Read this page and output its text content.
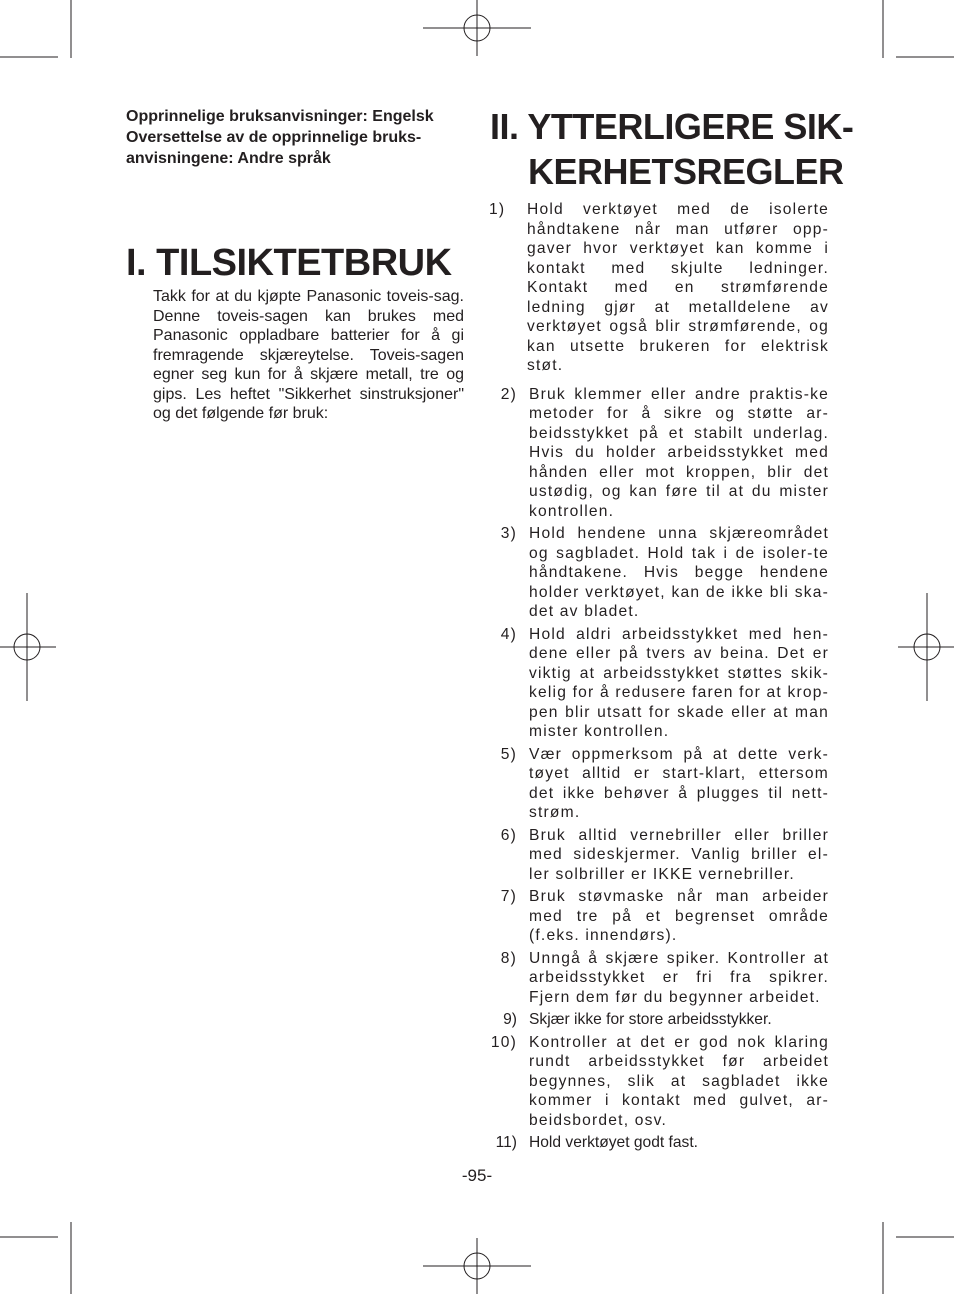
Opprinnelige bruksanvisninger: Engelsk
Oversettelse av de opprinnelige bruks-
anvisningene: Andre språk
I. TILSIKTETBRUK

Takk for at du kjøpte Panasonic toveis-sag. Denne toveis-sagen kan brukes med Panasonic oppladbare batterier for å gi fremragende skjæreytelse. Toveis-sagen egner seg kun for å skjære metall, tre og gips. Les heftet "Sikkerhet sinstruksjoner" og det følgende før bruk:

II. YTTERLIGERE SIK-
KERHETSREGLER
1)	Hold verktøyet med de isolerte håndtakene når man utfører opp-gaver hvor verktøyet kan komme i kontakt med skjulte ledninger. Kontakt med en strømførende ledning gjør at metalldelene av verktøyet også blir strømførende, og kan utsette brukeren for elektrisk støt.
2) Bruk klemmer eller andre praktis-ke metoder for å sikre og støtte ar-beidsstykket på et stabilt underlag. Hvis du holder arbeidsstykket med hånden eller mot kroppen, blir det ustødig, og kan føre til at du mister kontrollen.
3) Hold hendene unna skjæreområdet og sagbladet. Hold tak i de isoler-te håndtakene. Hvis begge hendene holder verktøyet, kan de ikke bli ska-det av bladet.
4) Hold aldri arbeidsstykket med hen-dene eller på tvers av beina. Det er viktig at arbeidsstykket støttes skik-kelig for å redusere faren for at krop-pen blir utsatt for skade eller at man mister kontrollen.
5) Vær oppmerksom på at dette verk-tøyet alltid er start-klart, ettersom det ikke behøver å plugges til nett-strøm.
6) Bruk alltid vernebriller eller briller med sideskjermer. Vanlig briller el-ler solbriller er IKKE vernebriller.
7) Bruk støvmaske når man arbeider med tre på et begrenset område (f.eks. innendørs).
8) Unngå å skjære spiker. Kontroller at arbeidsstykket er fri fra spikrer. Fjern dem før du begynner arbeidet.
9) Skjær ikke for store arbeidsstykker.
10) Kontroller at det er god nok klaring rundt arbeidsstykket før arbeidet begynnes, slik at sagbladet ikke kommer i kontakt med gulvet, ar-beidsbordet, osv.
11) Hold verktøyet godt fast.
-95-
